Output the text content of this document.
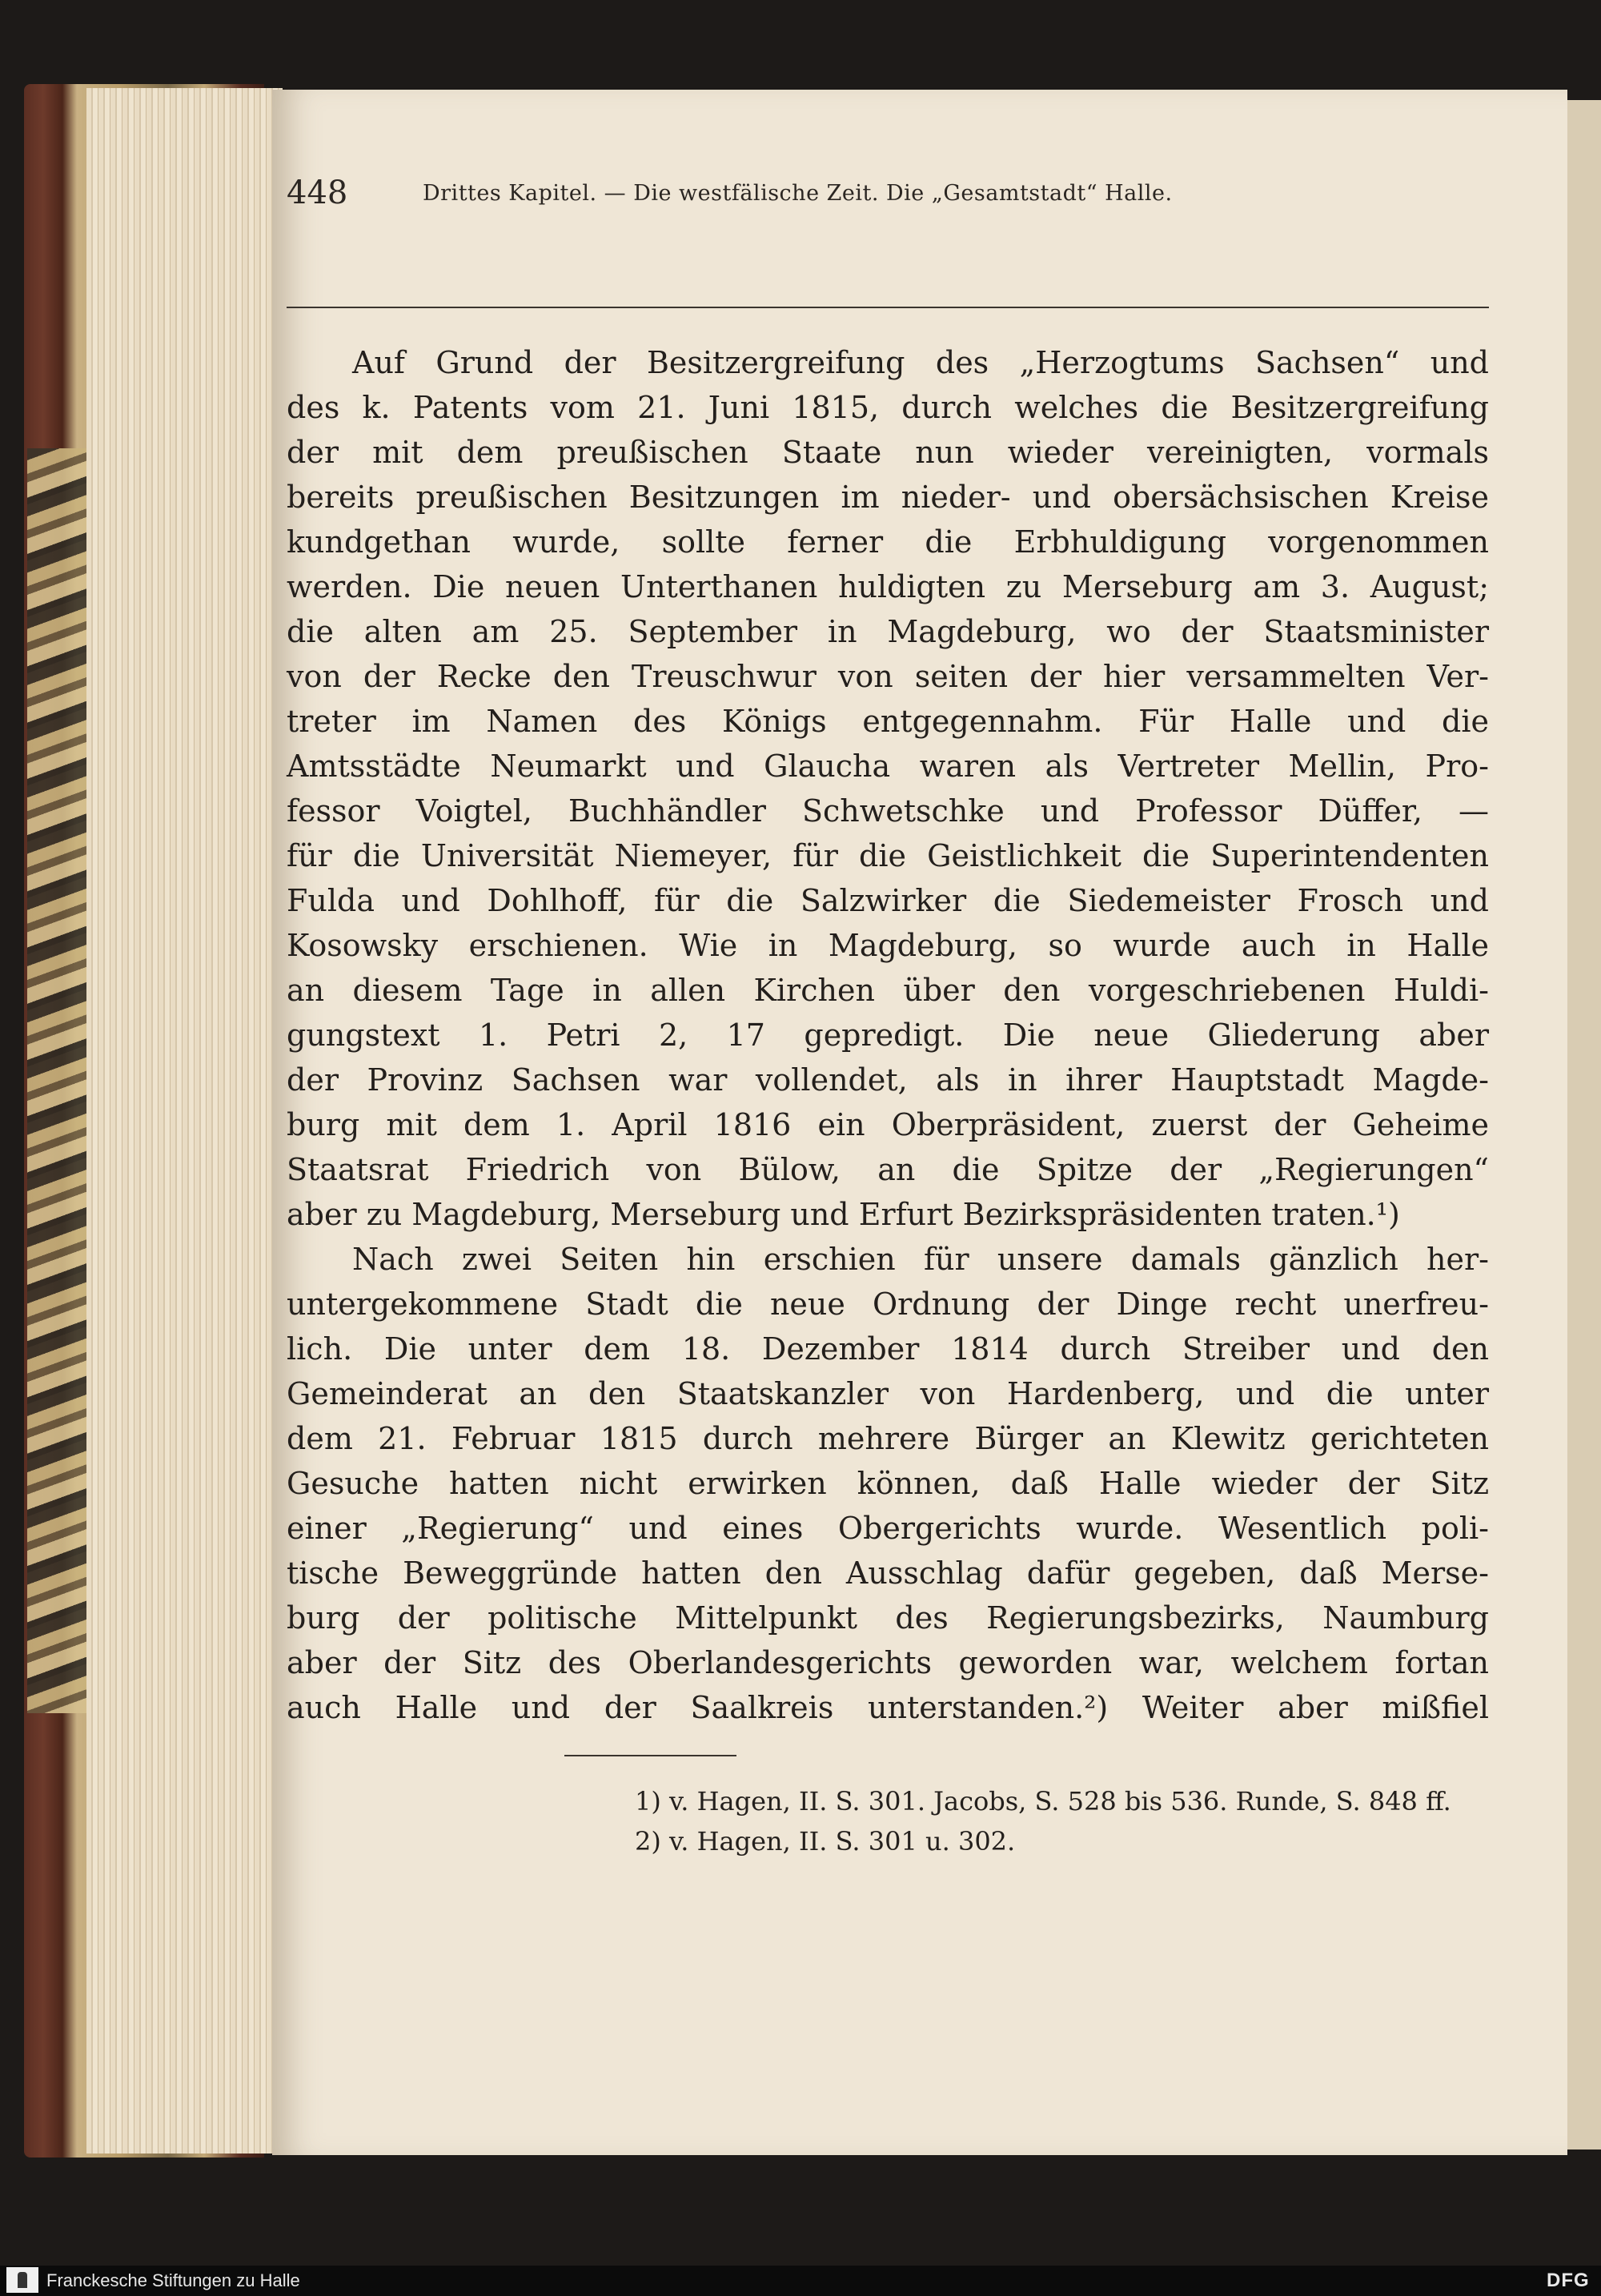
448	Drittes Kapitel. — Die westfälische Zeit. Die „Gesamtstadt“ Halle.
Auf Grund der Besitzergreifung des „Herzogtums Sachsen“ und
des k. Patents vom 21. Juni 1815, durch welches die Besitzergreifung
der mit dem preußischen Staate nun wieder vereinigten, vormals
bereits preußischen Besitzungen im nieder- und obersächsischen Kreise
kundgethan wurde, sollte ferner die Erbhuldigung vorgenommen
werden. Die neuen Unterthanen huldigten zu Merseburg am 3. August;
die alten am 25. September in Magdeburg, wo der Staatsminister
von der Recke den Treuschwur von seiten der hier versammelten Ver-
treter im Namen des Königs entgegennahm. Für Halle und die
Amtsstädte Neumarkt und Glaucha waren als Vertreter Mellin, Pro-
fessor Voigtel, Buchhändler Schwetschke und Professor Düffer, —
für die Universität Niemeyer, für die Geistlichkeit die Superintendenten
Fulda und Dohlhoff, für die Salzwirker die Siedemeister Frosch und
Kosowsky erschienen. Wie in Magdeburg, so wurde auch in Halle
an diesem Tage in allen Kirchen über den vorgeschriebenen Huldi-
gungstext 1. Petri 2, 17 gepredigt. Die neue Gliederung aber
der Provinz Sachsen war vollendet, als in ihrer Hauptstadt Magde-
burg mit dem 1. April 1816 ein Oberpräsident, zuerst der Geheime
Staatsrat Friedrich von Bülow, an die Spitze der „Regierungen“
aber zu Magdeburg, Merseburg und Erfurt Bezirkspräsidenten traten.¹)
Nach zwei Seiten hin erschien für unsere damals gänzlich her-
untergekommene Stadt die neue Ordnung der Dinge recht unerfreu-
lich. Die unter dem 18. Dezember 1814 durch Streiber und den
Gemeinderat an den Staatskanzler von Hardenberg, und die unter
dem 21. Februar 1815 durch mehrere Bürger an Klewitz gerichteten
Gesuche hatten nicht erwirken können, daß Halle wieder der Sitz
einer „Regierung“ und eines Obergerichts wurde. Wesentlich poli-
tische Beweggründe hatten den Ausschlag dafür gegeben, daß Merse-
burg der politische Mittelpunkt des Regierungsbezirks, Naumburg
aber der Sitz des Oberlandesgerichts geworden war, welchem fortan
auch Halle und der Saalkreis unterstanden.²) Weiter aber mißfiel
1) v. Hagen, II. S. 301. Jacobs, S. 528 bis 536. Runde, S. 848 ff.
2) v. Hagen, II. S. 301 u. 302.
Franckesche Stiftungen zu Halle	DFG
